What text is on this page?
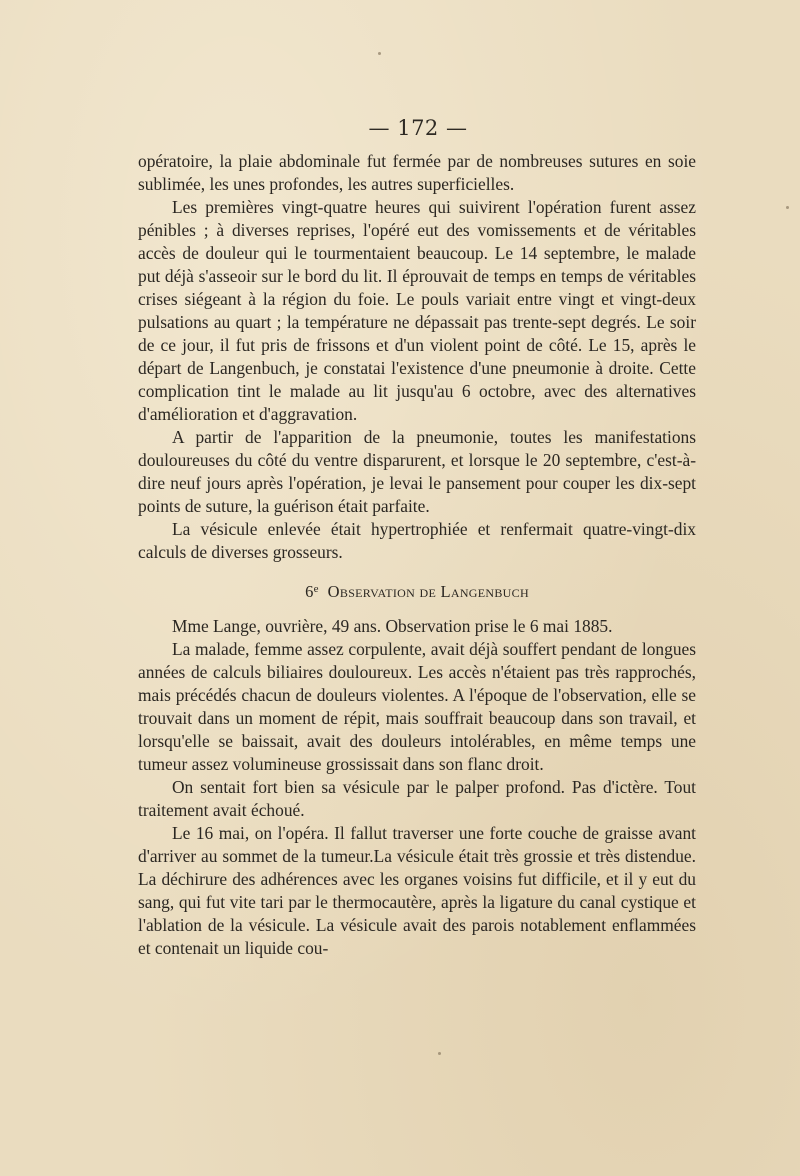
— 172 —

opératoire, la plaie abdominale fut fermée par de nombreuses sutures en soie sublimée, les unes profondes, les autres superficielles.

Les premières vingt-quatre heures qui suivirent l'opération furent assez pénibles ; à diverses reprises, l'opéré eut des vomissements et de véritables accès de douleur qui le tourmentaient beaucoup. Le 14 septembre, le malade put déjà s'asseoir sur le bord du lit. Il éprouvait de temps en temps de véritables crises siégeant à la région du foie. Le pouls variait entre vingt et vingt-deux pulsations au quart ; la température ne dépassait pas trente-sept degrés. Le soir de ce jour, il fut pris de frissons et d'un violent point de côté. Le 15, après le départ de Langenbuch, je constatai l'existence d'une pneumonie à droite. Cette complication tint le malade au lit jusqu'au 6 octobre, avec des alternatives d'amélioration et d'aggravation.

A partir de l'apparition de la pneumonie, toutes les manifestations douloureuses du côté du ventre disparurent, et lorsque le 20 septembre, c'est-à-dire neuf jours après l'opération, je levai le pansement pour couper les dix-sept points de suture, la guérison était parfaite.

La vésicule enlevée était hypertrophiée et renfermait quatre-vingt-dix calculs de diverses grosseurs.

6e Observation de Langenbuch

Mme Lange, ouvrière, 49 ans. Observation prise le 6 mai 1885.

La malade, femme assez corpulente, avait déjà souffert pendant de longues années de calculs biliaires douloureux. Les accès n'étaient pas très rapprochés, mais précédés chacun de douleurs violentes. A l'époque de l'observation, elle se trouvait dans un moment de répit, mais souffrait beaucoup dans son travail, et lorsqu'elle se baissait, avait des douleurs intolérables, en même temps une tumeur assez volumineuse grossissait dans son flanc droit.

On sentait fort bien sa vésicule par le palper profond. Pas d'ictère. Tout traitement avait échoué.

Le 16 mai, on l'opéra. Il fallut traverser une forte couche de graisse avant d'arriver au sommet de la tumeur.La vésicule était très grossie et très distendue. La déchirure des adhérences avec les organes voisins fut difficile, et il y eut du sang, qui fut vite tari par le thermocautère, après la ligature du canal cystique et l'ablation de la vésicule. La vésicule avait des parois notablement enflammées et contenait un liquide cou-
